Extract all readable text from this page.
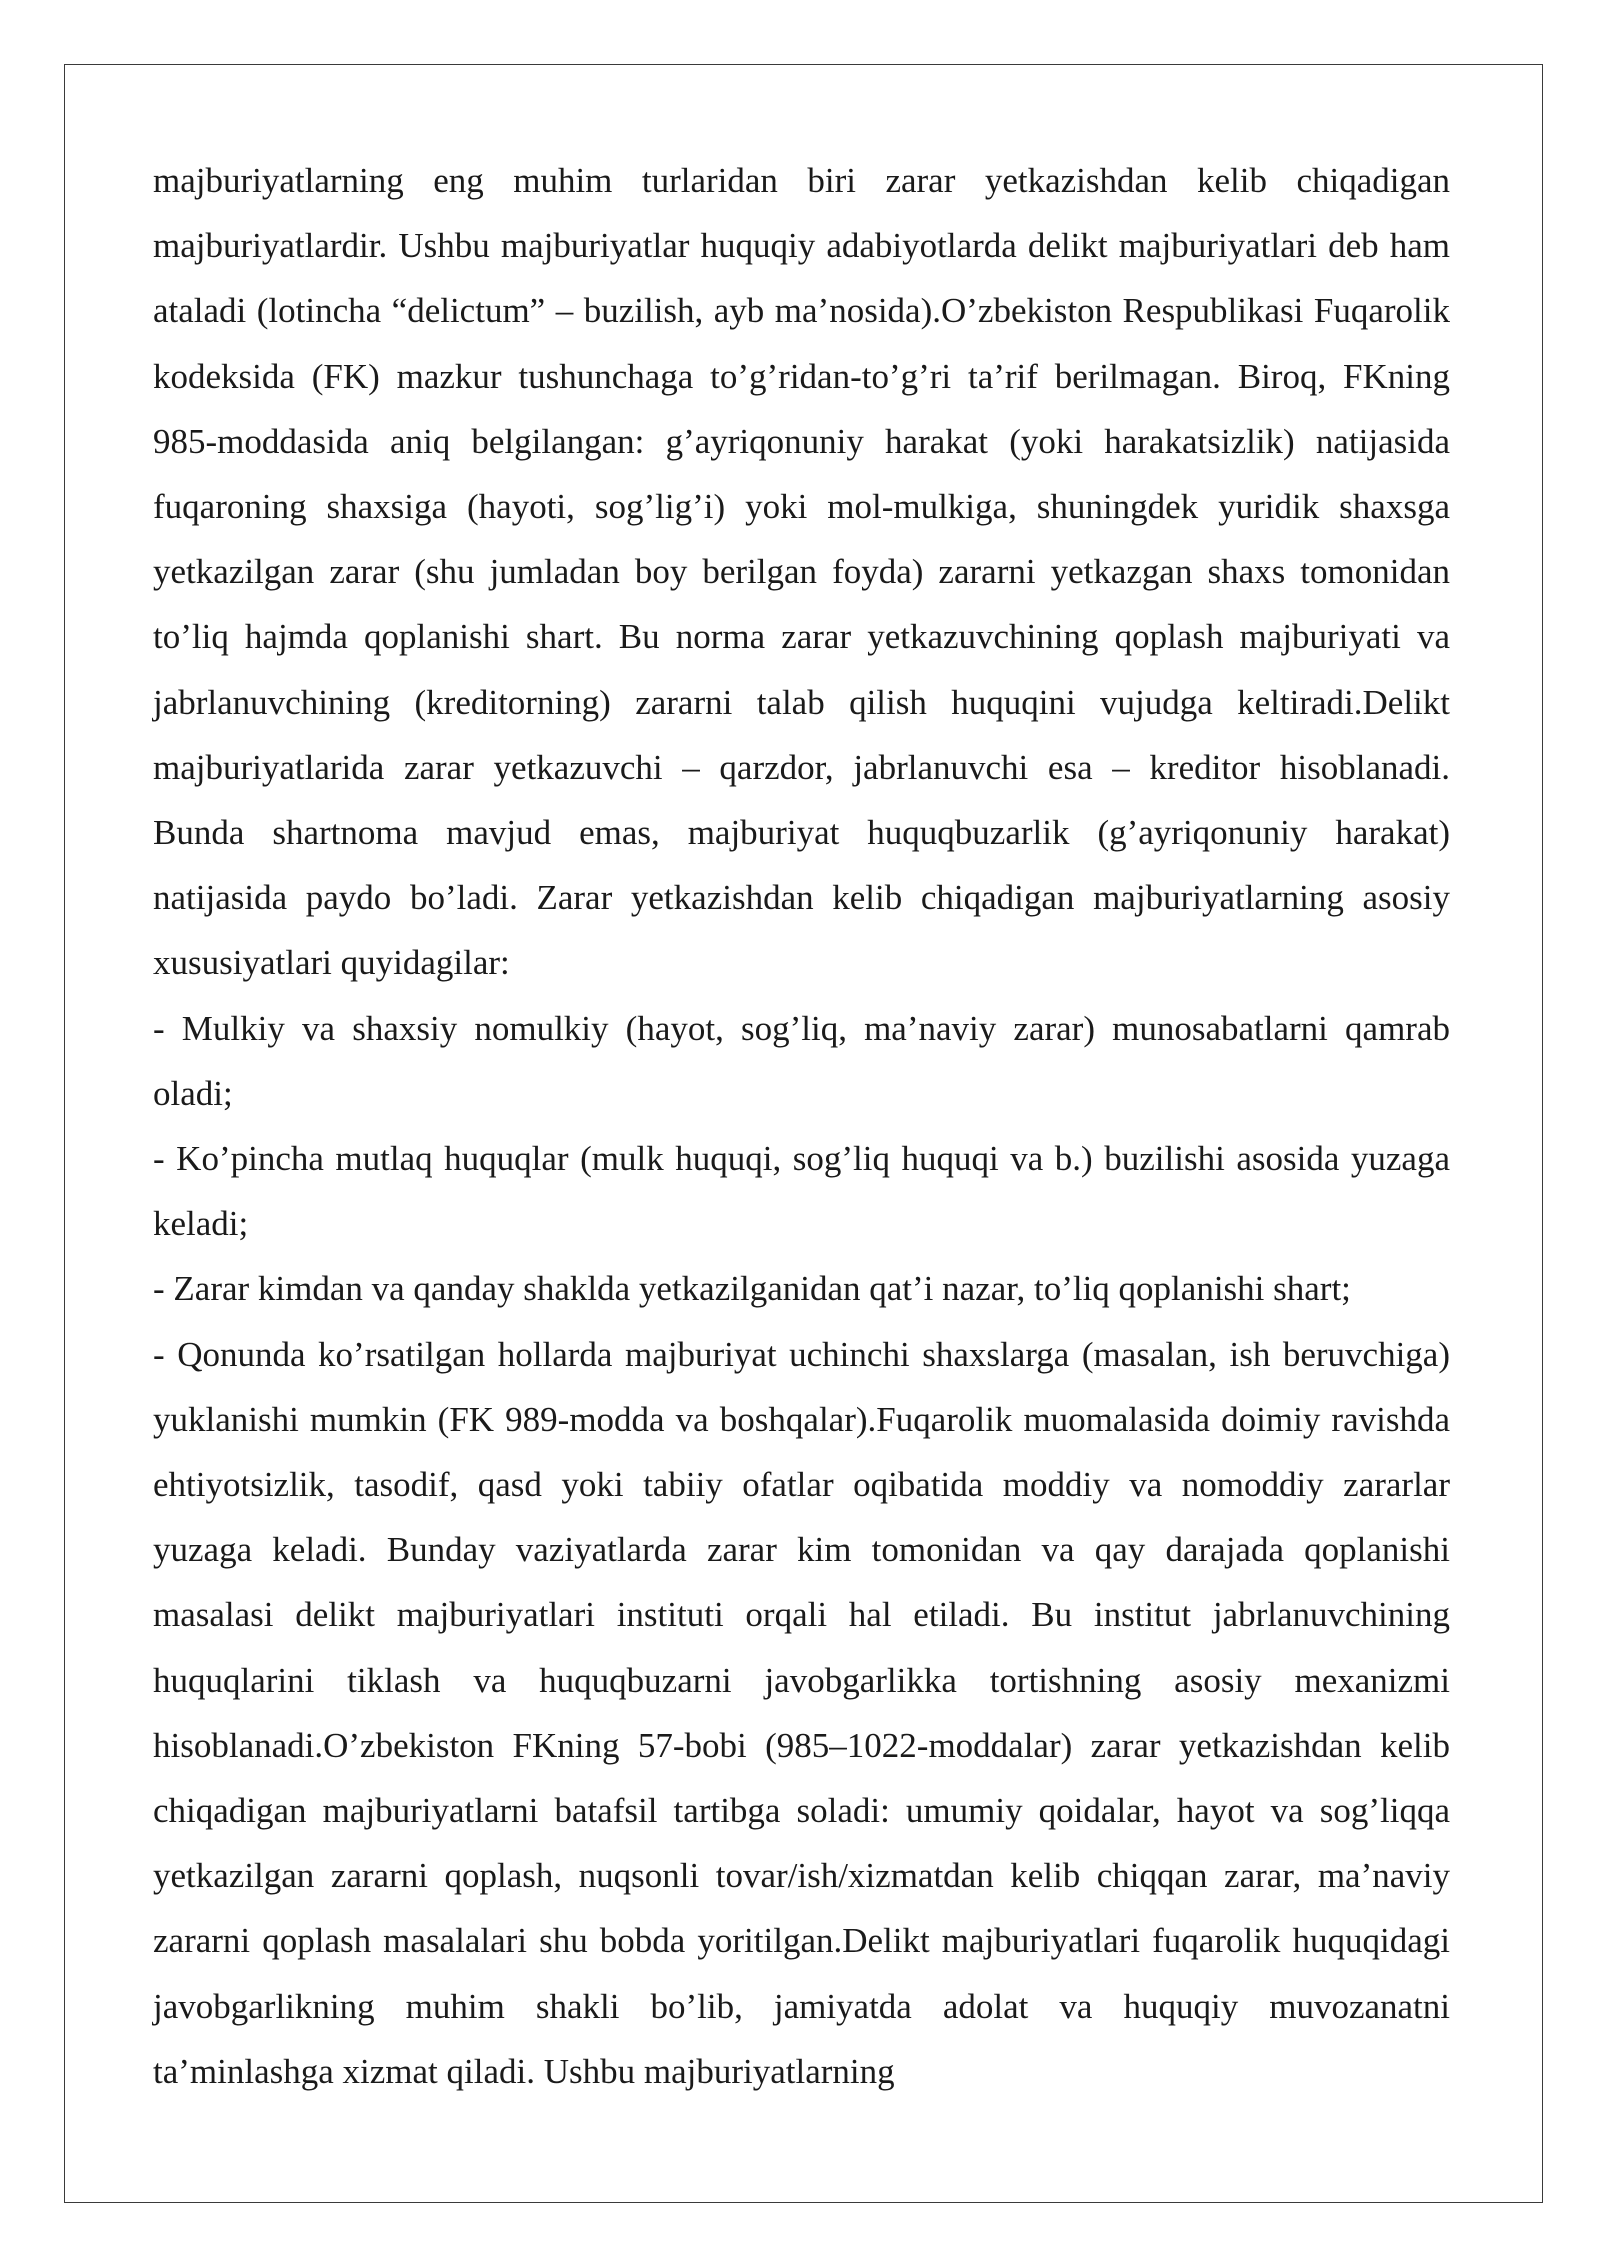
majburiyatlarning eng muhim turlaridan biri zarar yetkazishdan kelib chiqadigan majburiyatlardir. Ushbu majburiyatlar huquqiy adabiyotlarda delikt majburiyatlari deb ham ataladi (lotincha “delictum” – buzilish, ayb ma’nosida).O’zbekiston Respublikasi Fuqarolik kodeksida (FK) mazkur tushunchaga to’g’ridan-to’g’ri ta’rif berilmagan. Biroq, FKning 985-moddasida aniq belgilangan: g’ayriqonuniy harakat (yoki harakatsizlik) natijasida fuqaroning shaxsiga (hayoti, sog’lig’i) yoki mol-mulkiga, shuningdek yuridik shaxsga yetkazilgan zarar (shu jumladan boy berilgan foyda) zararni yetkazgan shaxs tomonidan to’liq hajmda qoplanishi shart. Bu norma zarar yetkazuvchining qoplash majburiyati va jabrlanuvchining (kreditorning) zararni talab qilish huquqini vujudga keltiradi.Delikt majburiyatlarida zarar yetkazuvchi – qarzdor, jabrlanuvchi esa – kreditor hisoblanadi. Bunda shartnoma mavjud emas, majburiyat huquqbuzarlik (g’ayriqonuniy harakat) natijasida paydo bo’ladi. Zarar yetkazishdan kelib chiqadigan majburiyatlarning asosiy xususiyatlari quyidagilar:

- Mulkiy va shaxsiy nomulkiy (hayot, sog’liq, ma’naviy zarar) munosabatlarni qamrab oladi;

- Ko’pincha mutlaq huquqlar (mulk huquqi, sog’liq huquqi va b.) buzilishi asosida yuzaga keladi;

- Zarar kimdan va qanday shaklda yetkazilganidan qat’i nazar, to’liq qoplanishi shart;

- Qonunda ko’rsatilgan hollarda majburiyat uchinchi shaxslarga (masalan, ish beruvchiga) yuklanishi mumkin (FK 989-modda va boshqalar).Fuqarolik muomalasida doimiy ravishda ehtiyotsizlik, tasodif, qasd yoki tabiiy ofatlar oqibatida moddiy va nomoddiy zararlar yuzaga keladi. Bunday vaziyatlarda zarar kim tomonidan va qay darajada qoplanishi masalasi delikt majburiyatlari instituti orqali hal etiladi. Bu institut jabrlanuvchining huquqlarini tiklash va huquqbuzarni javobgarlikka tortishning asosiy mexanizmi hisoblanadi.O’zbekiston FKning 57-bobi (985–1022-moddalar) zarar yetkazishdan kelib chiqadigan majburiyatlarni batafsil tartibga soladi: umumiy qoidalar, hayot va sog’liqqa yetkazilgan zararni qoplash, nuqsonli tovar/ish/xizmatdan kelib chiqqan zarar, ma’naviy zararni qoplash masalalari shu bobda yoritilgan.Delikt majburiyatlari fuqarolik huquqidagi javobgarlikning muhim shakli bo’lib, jamiyatda adolat va huquqiy muvozanatni ta’minlashga xizmat qiladi. Ushbu majburiyatlarning
